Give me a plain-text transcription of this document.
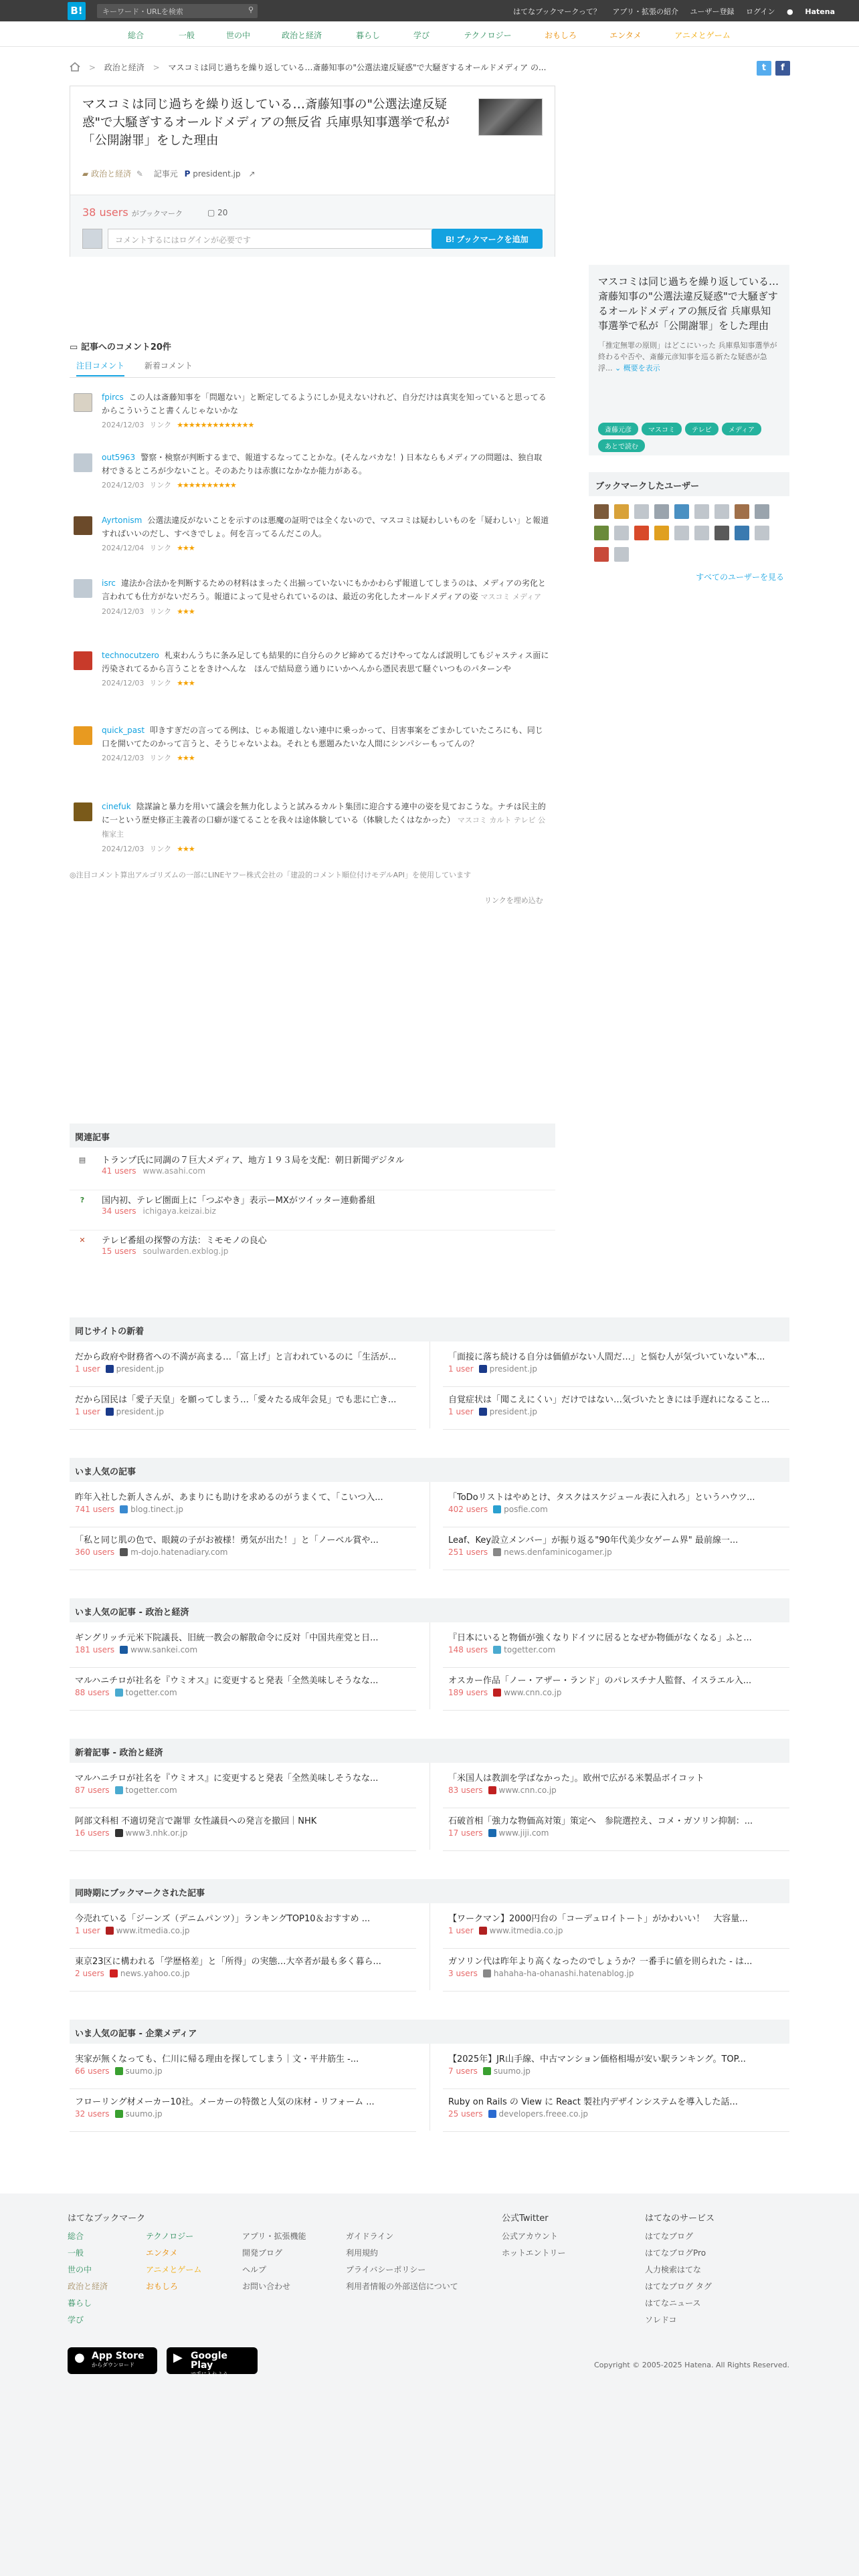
B!	キーワード・URLを検索	⚲	はてなブックマークって？ アプリ・拡張の紹介 ユーザー登録 ログイン ● Hatena
総合	一般	世の中	政治と経済	暮らし	学び	テクノロジー	おもしろ	エンタメ	アニメとゲーム
> 政治と経済 > マスコミは同じ過ちを繰り返している…斎藤知事の"公選法違反疑惑"で大騒ぎするオールドメディア の...	t f
マスコミは同じ過ちを繰り返している…斎藤知事の"公選法違反疑惑"で大騒ぎするオールドメディアの無反省 兵庫県知事選挙で私が「公開謝罪」をした理由
▰ 政治と経済 ✎ 記事元 P president.jp ↗
38 users がブックマーク	▢ 20
コメントするにはログインが必要です	B! ブックマークを追加
▭ 記事へのコメント20件
注目コメント 新着コメント
fpircs この人は斎藤知事を「問題ない」と断定してるようにしか見えないけれど、自分だけは真実を知っていると思ってるからこういうこと書くんじゃないかな
2024/12/03 リンク ★★★★★★★★★★★★★
out5963 警察・検察が判断するまで、報道するなってことかな。(そんなバカな！) 日本ならもメディアの問題は、独自取材できるところが少ないこと。そのあたりは赤旗になかなか能力がある。
2024/12/03 リンク ★★★★★★★★★★
Ayrtonism 公選法違反がないことを示すのは悪魔の証明では全くないので、マスコミは疑わしいものを「疑わしい」と報道すればいいのだし、すべきでしょ。何を言ってるんだこの人。
2024/12/04 リンク ★★★
isrc 違法か合法かを判断するための材料はまったく出揃っていないにもかかわらず報道してしまうのは、メディアの劣化と言われても仕方がないだろう。報道によって見せられているのは、最近の劣化したオールドメディアの姿 マスコミ メディア
2024/12/03 リンク ★★★
technocutzero 札束わんうちに条み足しても結果的に自分らのクビ締めてるだけやってなんぱ説明してもジャスティス面に汚染されてるから言うことをきけへんな　ほんで結局意う通りにいかへんから憑民表思て騒ぐいつものパターンや
2024/12/03 リンク ★★★
quick_past 叩きすぎだの言ってる例は、じゃあ報道しない連中に乗っかって、目害事案をごまかしていたころにも、同じ口を開いてたのかって言うと、そうじゃないよね。それとも悪題みたいな人間にシンパシーもってんの？
2024/12/03 リンク ★★★
cinefuk 陰謀論と暴力を用いて議会を無力化しようと試みるカルト集団に迎合する連中の姿を見ておこうな。ナチは民主的に一という歴史修正主義者の口癖が遂てることを我々は途体験している（体験したくはなかった） マスコミ カルト テレビ 公権家主
2024/12/03 リンク ★★★
◎注目コメント算出アルゴリズムの一部にLINEヤフー株式会社の「建設的コメント順位付けモデルAPI」を使用しています
リンクを埋め込む
関連記事
▤ トランプ氏に同調の７巨大メディア、地方１９３局を支配：朝日新聞デジタル
41 users www.asahi.com
? 国内初、テレビ圏面上に「つぶやき」表示ーMXがツイッター連動番組
34 users ichigaya.keizai.biz
✕ テレビ番組の探警の方法：ミモモノの良心
15 users soulwarden.exblog.jp
マスコミは同じ過ちを繰り返している…斎藤知事の"公選法違反疑惑"で大騒ぎするオールドメディアの無反省 兵庫県知事選挙で私が「公開謝罪」をした理由
「推定無罪の原則」はどこにいった 兵庫県知事選挙が終わるや否や、斎藤元彦知事を巡る新たな疑惑が急浮... ⌄ 概要を表示
斎藤元彦	マスコミ	テレビ	メディアあとで読む
ブックマークしたユーザー
すべてのユーザーを見る
同じサイトの新着
だから政府や財務省への不満が高まる…「富上げ」と言われているのに「生活が...
1 user president.jp
「面接に落ち続ける自分は価値がない人間だ…」と悩む人が気づいていない"本...
1 user president.jp
だから国民は「愛子天皇」を願ってしまう…「愛々たる成年会見」でも悲に亡き...
1 user president.jp
自覚症状は「聞こえにくい」だけではない…気づいたときには手遅れになること...
1 user president.jp
いま人気の記事
昨年入社した新人さんが、あまりにも助けを求めるのがうまくて、「こいつ入...
741 users blog.tinect.jp
「ToDoリストはやめとけ、タスクはスケジュール表に入れろ」というハウツ...
402 users posfie.com
「私と同じ肌の色で、眼鏡の子がお被様！勇気が出た！」と「ノーベル賞や...
360 users m-dojo.hatenadiary.com
Leaf、Key設立メンバー」が振り返る"90年代美少女ゲーム界" 最前線一...
251 users news.denfaminicogamer.jp
いま人気の記事 - 政治と経済
ギングリッチ元米下院議長、旧統一教会の解散命令に反対「中国共産党と日...
181 users www.sankei.com
『日本にいると物価が強くなりドイツに居るとなぜか物価がなくなる」ふと...
148 users togetter.com
マルハニチロが社名を『ウミオス』に変更すると発表「全然美味しそうなな...
88 users togetter.com
オスカー作品「ノー・アザー・ランド」のパレスチナ人監督、イスラエル入...
189 users www.cnn.co.jp
新着記事 - 政治と経済
マルハニチロが社名を『ウミオス』に変更すると発表「全然美味しそうなな...
87 users togetter.com
「米国人は教訓を学ばなかった」。欧州で広がる米製品ボイコット
83 users www.cnn.co.jp
阿部文科相 不適切発言で謝罪 女性議員への発言を撤回｜NHK
16 users www3.nhk.or.jp
石破首相「強力な物価高対策」策定へ　参院選控え、コメ・ガソリン抑制：...
17 users www.jiji.com
同時期にブックマークされた記事
今売れている「ジーンズ（デニムパンツ）」ランキングTOP10＆おすすめ ...
1 user www.itmedia.co.jp
【ワークマン】2000円台の「コーデュロイトート」がかわいい！　大容量...
1 user www.itmedia.co.jp
東京23区に構われる「学歴格差」と「所得」の実態…大卒者が最も多く暮ら...
2 users news.yahoo.co.jp
ガソリン代は昨年より高くなったのでしょうか？一番手に値を則られた - は...
3 users hahaha-ha-ohanashi.hatenablog.jp
いま人気の記事 - 企業メディア
実家が無くなっても、仁川に帰る理由を探してしまう｜文・平井筋生 -...
66 users suumo.jp
【2025年】JR山手線、中古マンション価格相場が安い駅ランキング。TOP...
7 users suumo.jp
フローリング材メーカー10社。メーカーの特徴と人気の床材 - リフォーム ...
32 users suumo.jp
Ruby on Rails の View に React 製社内デザインシステムを導入した話...
25 users developers.freee.co.jp
はてなブックマーク
総合
一般
世の中
政治と経済
暮らし
学び
テクノロジー
エンタメ
アニメとゲーム
おもしろ
アプリ・拡張機能
開発ブログ
ヘルプ
お問い合わせ
ガイドライン
利用規約
プライバシーポリシー
利用者情報の外部送信について
公式Twitter
公式アカウント
ホットエントリー
はてなのサービス
はてなブログ
はてなブログPro
人力検索はてな
はてなブログ タグ
はてなニュース
ソレドコ
● App Store
からダウンロード
▶ Google Play
で手に入れよう
Copyright © 2005-2025 Hatena. All Rights Reserved.
